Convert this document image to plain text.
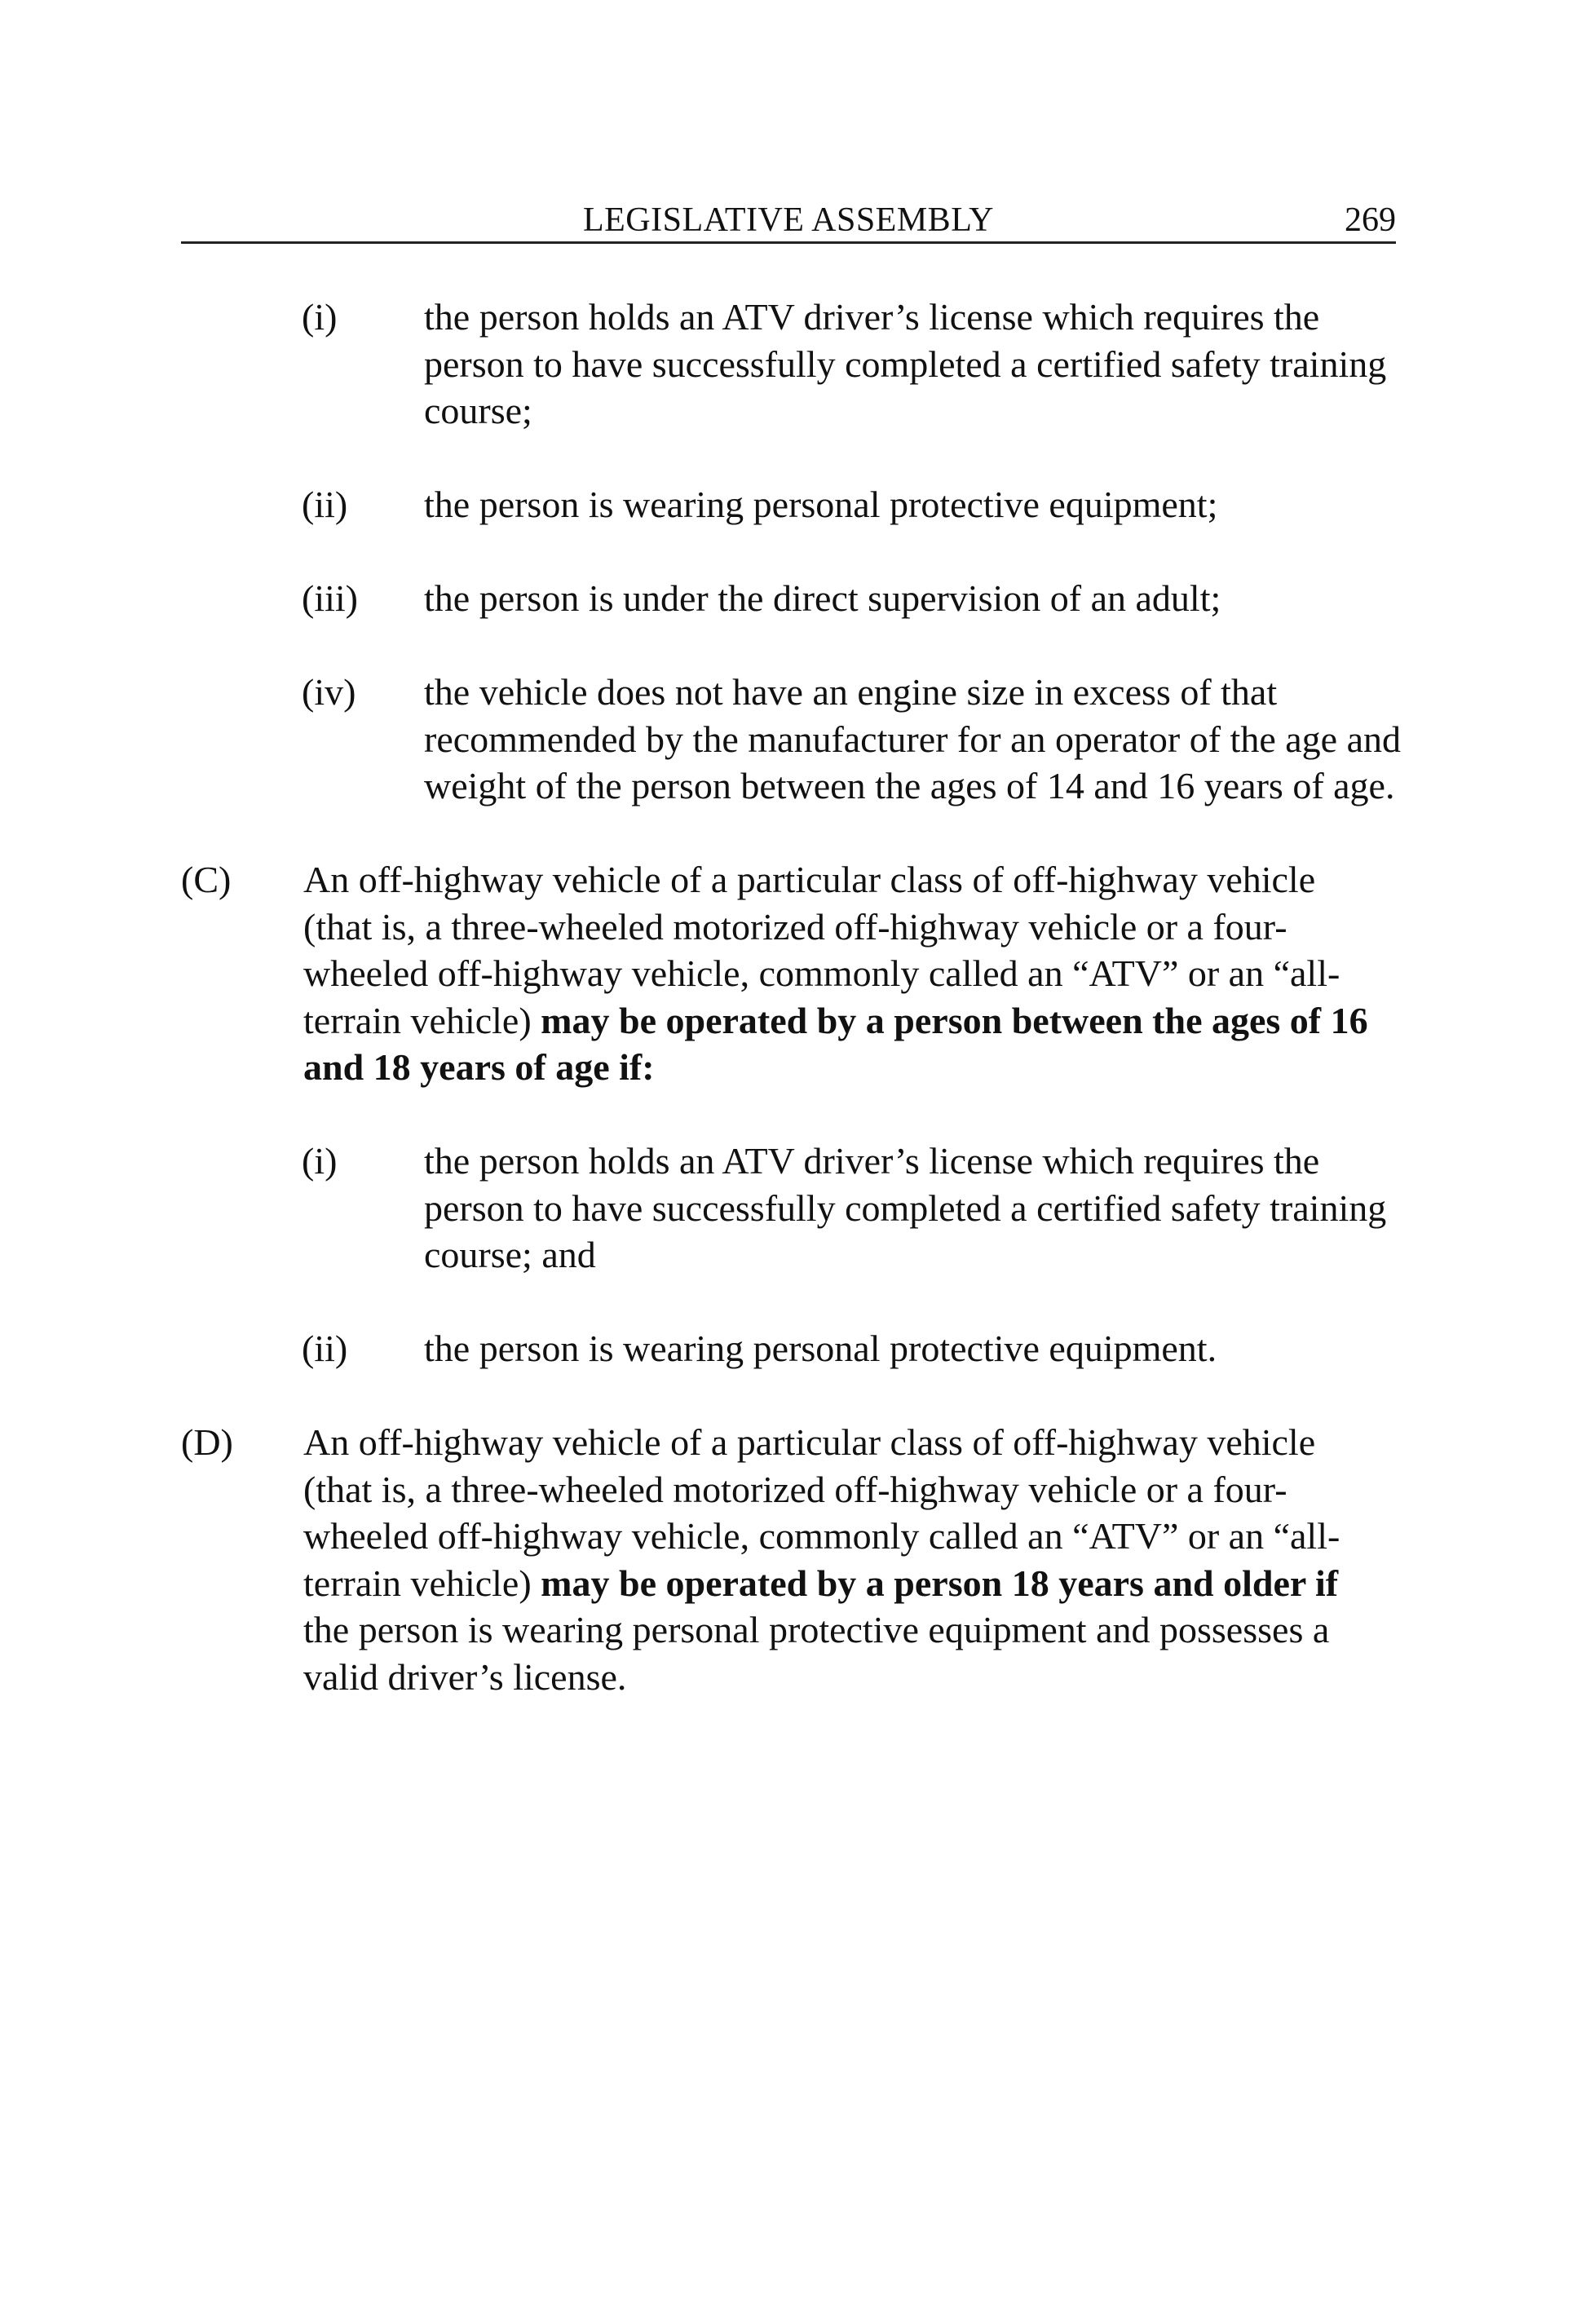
LEGISLATIVE ASSEMBLY	269
(i) the person holds an ATV driver’s license which requires the person to have successfully completed a certified safety training course;
(ii) the person is wearing personal protective equipment;
(iii) the person is under the direct supervision of an adult;
(iv) the vehicle does not have an engine size in excess of that recommended by the manufacturer for an operator of the age and weight of the person between the ages of 14 and 16 years of age.
(C) An off-highway vehicle of a particular class of off-highway vehicle (that is, a three-wheeled motorized off-highway vehicle or a four-wheeled off-highway vehicle, commonly called an “ATV” or an “all-terrain vehicle) may be operated by a person between the ages of 16 and 18 years of age if:
(i) the person holds an ATV driver’s license which requires the person to have successfully completed a certified safety training course; and
(ii) the person is wearing personal protective equipment.
(D) An off-highway vehicle of a particular class of off-highway vehicle (that is, a three-wheeled motorized off-highway vehicle or a four-wheeled off-highway vehicle, commonly called an “ATV” or an “all-terrain vehicle) may be operated by a person 18 years and older if the person is wearing personal protective equipment and possesses a valid driver’s license.
